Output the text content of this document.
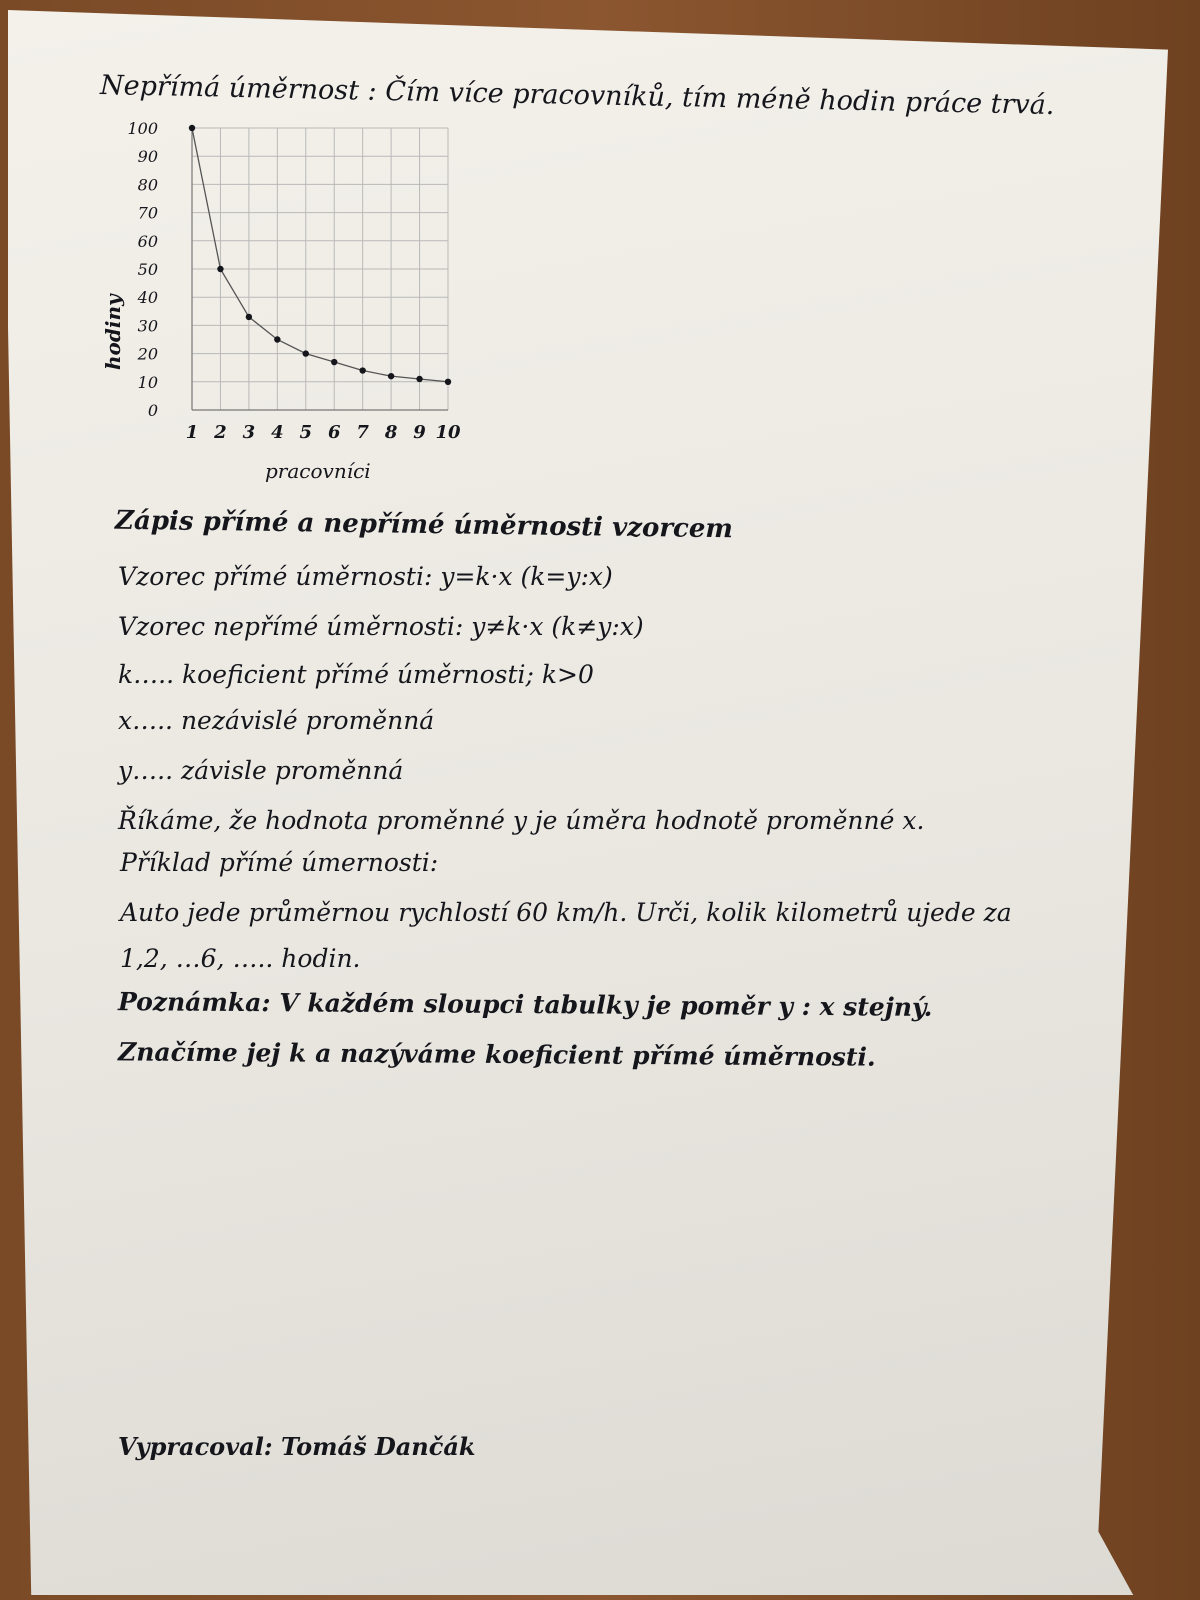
Nepřímá úměrnost : Čím více pracovníků, tím méně hodin práce trvá.
0
10
20
30
40
50
60
70
80
90
100
1 2 3 4 5 6 7 8 9 10
hodiny
pracovníci
Zápis přímé a nepřímé úměrnosti vzorcem
Vzorec přímé úměrnosti: y=k·x (k=y:x)
Vzorec nepřímé úměrnosti: y≠k·x (k≠y:x)
k….. koeficient přímé úměrnosti; k>0
x….. nezávislé proměnná
y….. závisle proměnná
Říkáme, že hodnota proměnné y je úměra hodnotě proměnné x.
Příklad přímé úmernosti:
Auto jede průměrnou rychlostí 60 km/h. Urči, kolik kilometrů ujede za
1,2, …6, ….. hodin.
Poznámka: V každém sloupci tabulky je poměr y : x stejný.
Značíme jej k a nazýváme koeficient přímé úměrnosti.
Vypracoval: Tomáš Dančák
